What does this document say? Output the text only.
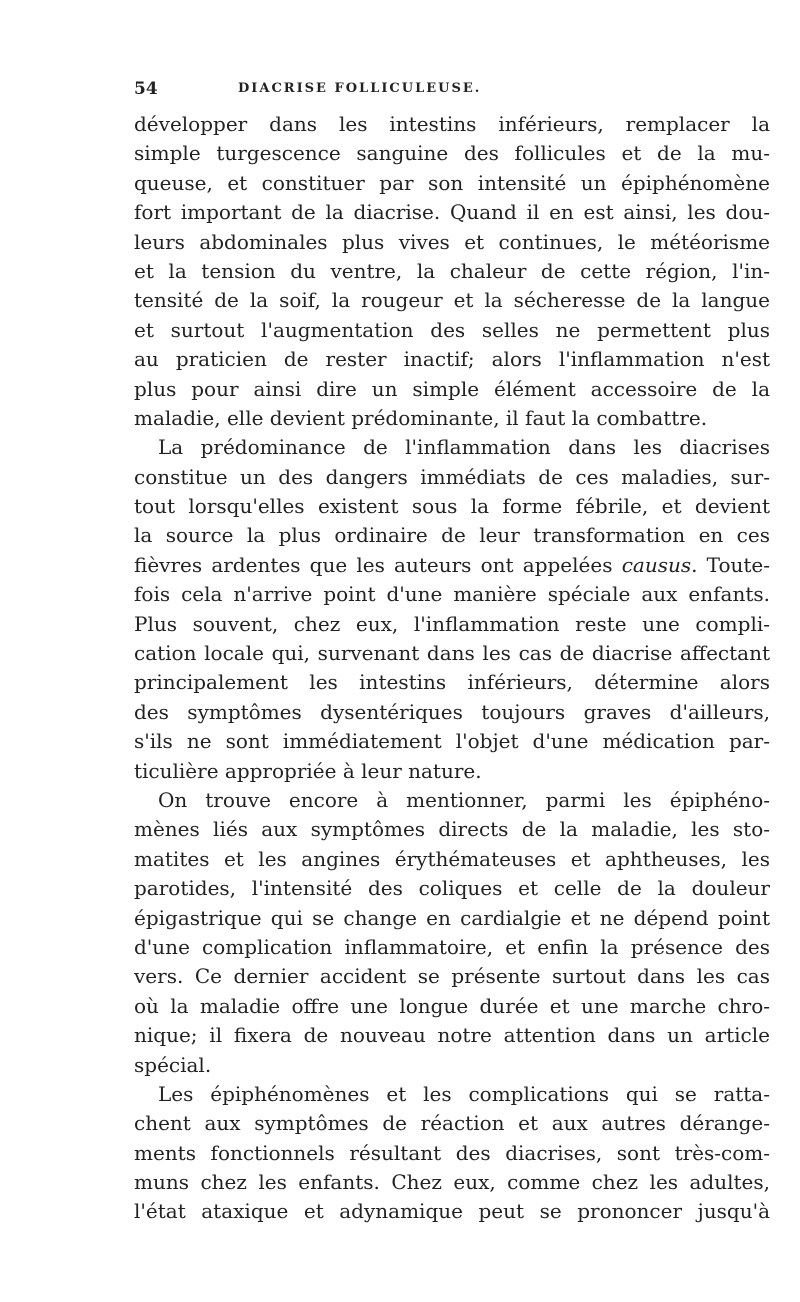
54	DIACRISE FOLLICULEUSE.
développer dans les intestins inférieurs, remplacer la
simple turgescence sanguine des follicules et de la mu-
queuse, et constituer par son intensité un épiphénomène
fort important de la diacrise. Quand il en est ainsi, les dou-
leurs abdominales plus vives et continues, le météorisme
et la tension du ventre, la chaleur de cette région, l'in-
tensité de la soif, la rougeur et la sécheresse de la langue
et surtout l'augmentation des selles ne permettent plus
au praticien de rester inactif; alors l'inflammation n'est
plus pour ainsi dire un simple élément accessoire de la
maladie, elle devient prédominante, il faut la combattre.
La prédominance de l'inflammation dans les diacrises
constitue un des dangers immédiats de ces maladies, sur-
tout lorsqu'elles existent sous la forme fébrile, et devient
la source la plus ordinaire de leur transformation en ces
fièvres ardentes que les auteurs ont appelées causus. Toute-
fois cela n'arrive point d'une manière spéciale aux enfants.
Plus souvent, chez eux, l'inflammation reste une compli-
cation locale qui, survenant dans les cas de diacrise affectant
principalement les intestins inférieurs, détermine alors
des symptômes dysentériques toujours graves d'ailleurs,
s'ils ne sont immédiatement l'objet d'une médication par-
ticulière appropriée à leur nature.
On trouve encore à mentionner, parmi les épiphéno-
mènes liés aux symptômes directs de la maladie, les sto-
matites et les angines érythémateuses et aphtheuses, les
parotides, l'intensité des coliques et celle de la douleur
épigastrique qui se change en cardialgie et ne dépend point
d'une complication inflammatoire, et enfin la présence des
vers. Ce dernier accident se présente surtout dans les cas
où la maladie offre une longue durée et une marche chro-
nique; il fixera de nouveau notre attention dans un article
spécial.
Les épiphénomènes et les complications qui se ratta-
chent aux symptômes de réaction et aux autres dérange-
ments fonctionnels résultant des diacrises, sont très-com-
muns chez les enfants. Chez eux, comme chez les adultes,
l'état ataxique et adynamique peut se prononcer jusqu'à
